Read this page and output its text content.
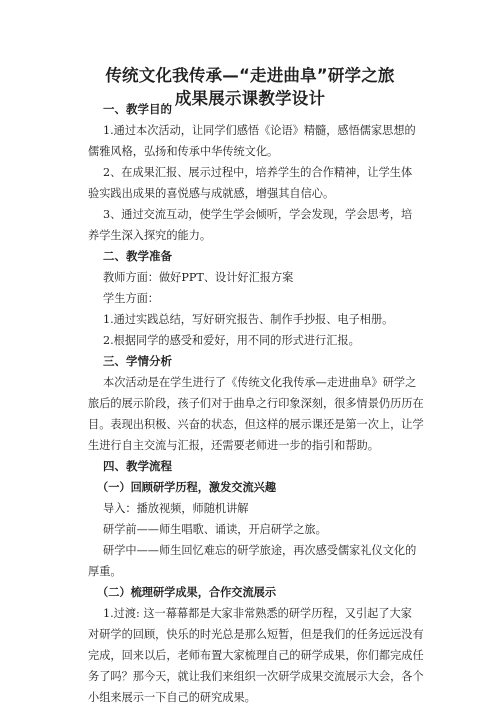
传统文化我传承—“走进曲阜”研学之旅
成果展示课教学设计
一、教学目的
1.通过本次活动，让同学们感悟《论语》精髓，感悟儒家思想的
儒雅风格，弘扬和传承中华传统文化。
2、在成果汇报、展示过程中，培养学生的合作精神，让学生体
验实践出成果的喜悦感与成就感，增强其自信心。
3、通过交流互动，使学生学会倾听，学会发现，学会思考，培
养学生深入探究的能力。
二、教学准备
教师方面：做好PPT、设计好汇报方案
学生方面：
1.通过实践总结，写好研究报告、制作手抄报、电子相册。
2.根据同学的感受和爱好，用不同的形式进行汇报。
三、学情分析
本次活动是在学生进行了《传统文化我传承—走进曲阜》研学之
旅后的展示阶段，孩子们对于曲阜之行印象深刻，很多情景仍历历在
目。表现出积极、兴奋的状态，但这样的展示课还是第一次上，让学
生进行自主交流与汇报，还需要老师进一步的指引和帮助。
四、教学流程
（一）回顾研学历程，激发交流兴趣
导入：播放视频，师随机讲解
研学前——师生唱歌、诵读，开启研学之旅。
研学中——师生回忆难忘的研学旅途，再次感受儒家礼仪文化的
厚重。
（二）梳理研学成果，合作交流展示
1.过渡: 这一幕幕都是大家非常熟悉的研学历程，又引起了大家
对研学的回顾，快乐的时光总是那么短暂，但是我们的任务远远没有
完成，回来以后，老师布置大家梳理自己的研学成果，你们都完成任
务了吗？那今天，就让我们来组织一次研学成果交流展示大会，各个
小组来展示一下自己的研究成果。
